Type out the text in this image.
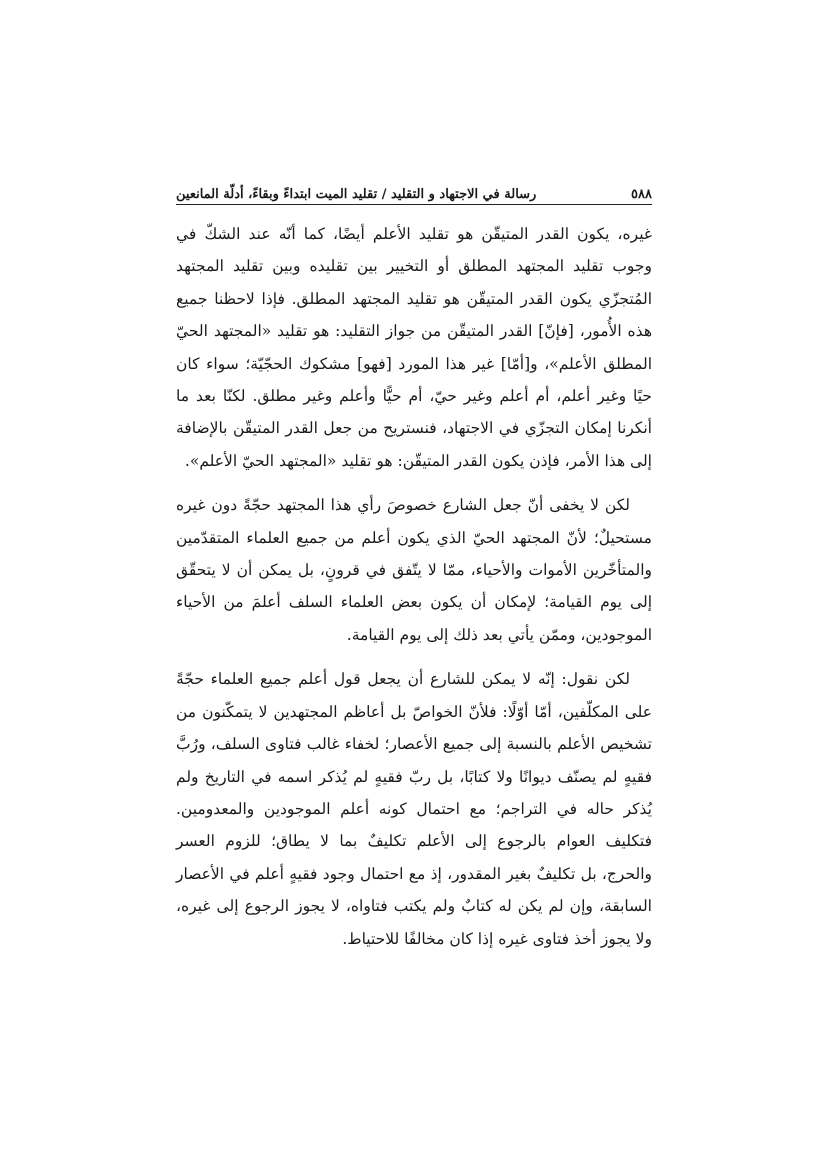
٥٨٨
رسالة في الاجتهاد و التقليد / تقليد الميت ابتداءً وبقاءً، أدلّة المانعين

غيره، يكون القدر المتيقّن هو تقليد الأعلم أيضًا، كما أنّه عند الشكّ في وجوب تقليد المجتهد المطلق أو التخيير بين تقليده وبين تقليد المجتهد المُتجزّي يكون القدر المتيقّن هو تقليد المجتهد المطلق. فإذا لاحظنا جميع هذه الأُمور، [فإنّ] القدر المتيقّن من جواز التقليد: هو تقليد «المجتهد الحيّ المطلق الأعلم»، و[أمّا] غير هذا المورد [فهو] مشكوك الحجّيّة؛ سواء كان حيًا وغير أعلم، أم أعلم وغير حيّ، أم حيًّا وأعلم وغير مطلق. لكنّا بعد ما أنكرنا إمكان التجزّي في الاجتهاد، فنستريح من جعل القدر المتيقّن بالإضافة إلى هذا الأمر، فإذن يكون القدر المتيقّن: هو تقليد «المجتهد الحيّ الأعلم».

لكن لا يخفى أنّ جعل الشارع خصوصَ رأي هذا المجتهد حجّةً دون غيره مستحيلٌ؛ لأنّ المجتهد الحيّ الذي يكون أعلم من جميع العلماء المتقدّمين والمتأخّرين الأموات والأحياء، ممّا لا يتّفق في قرونٍ، بل يمكن أن لا يتحقّق إلى يوم القيامة؛ لإمكان أن يكون بعض العلماء السلف أعلمَ من الأحياء الموجودين، وممّن يأتي بعد ذلك إلى يوم القيامة.

لكن نقول: إنّه لا يمكن للشارع أن يجعل قول أعلم جميع العلماء حجّةً على المكلّفين، أمّا أوّلًا: فلأنّ الخواصّ بل أعاظم المجتهدين لا يتمكّنون من تشخيص الأعلم بالنسبة إلى جميع الأعصار؛ لخفاء غالب فتاوى السلف، ورُبَّ فقيهٍ لم يصنّف ديوانًا ولا كتابًا، بل ربّ فقيهٍ لم يُذكر اسمه في التاريخ ولم يُذكر حاله في التراجم؛ مع احتمال كونه أعلم الموجودين والمعدومين. فتكليف العوام بالرجوع إلى الأعلم تكليفٌ بما لا يطاق؛ للزوم العسر والحرج، بل تكليفٌ بغير المقدور، إذ مع احتمال وجود فقيهٍ أعلم في الأعصار السابقة، وإن لم يكن له كتابٌ ولم يكتب فتاواه، لا يجوز الرجوع إلى غيره، ولا يجوز أخذ فتاوى غيره إذا كان مخالفًا للاحتياط.
